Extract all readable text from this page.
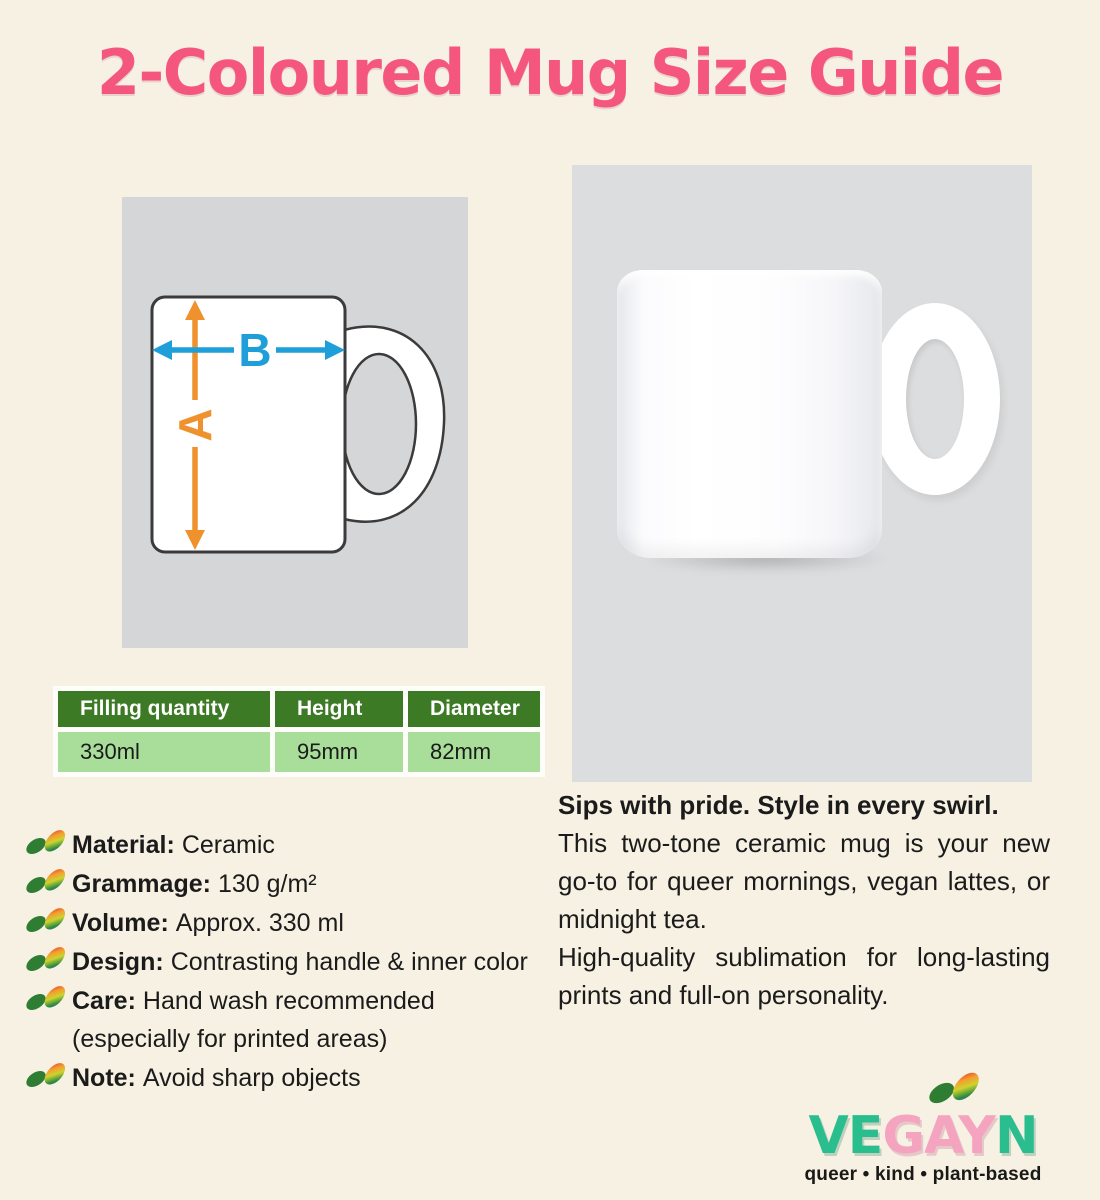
2-Coloured Mug Size Guide
A
B
Filling quantity	Height	Diameter
330ml	95mm	82mm

Material: Ceramic

Grammage: 130 g/m²

Volume: Approx. 330 ml

Design: Contrasting handle & inner color

Care: Hand wash recommended (especially for printed areas)

Note: Avoid sharp objects

Sips with pride. Style in every swirl.

This two-tone ceramic mug is your new go-to for queer mornings, vegan lattes, or midnight tea.

High-quality sublimation for long-lasting prints and full-on personality.

VEGAYN

queer • kind • plant-based
